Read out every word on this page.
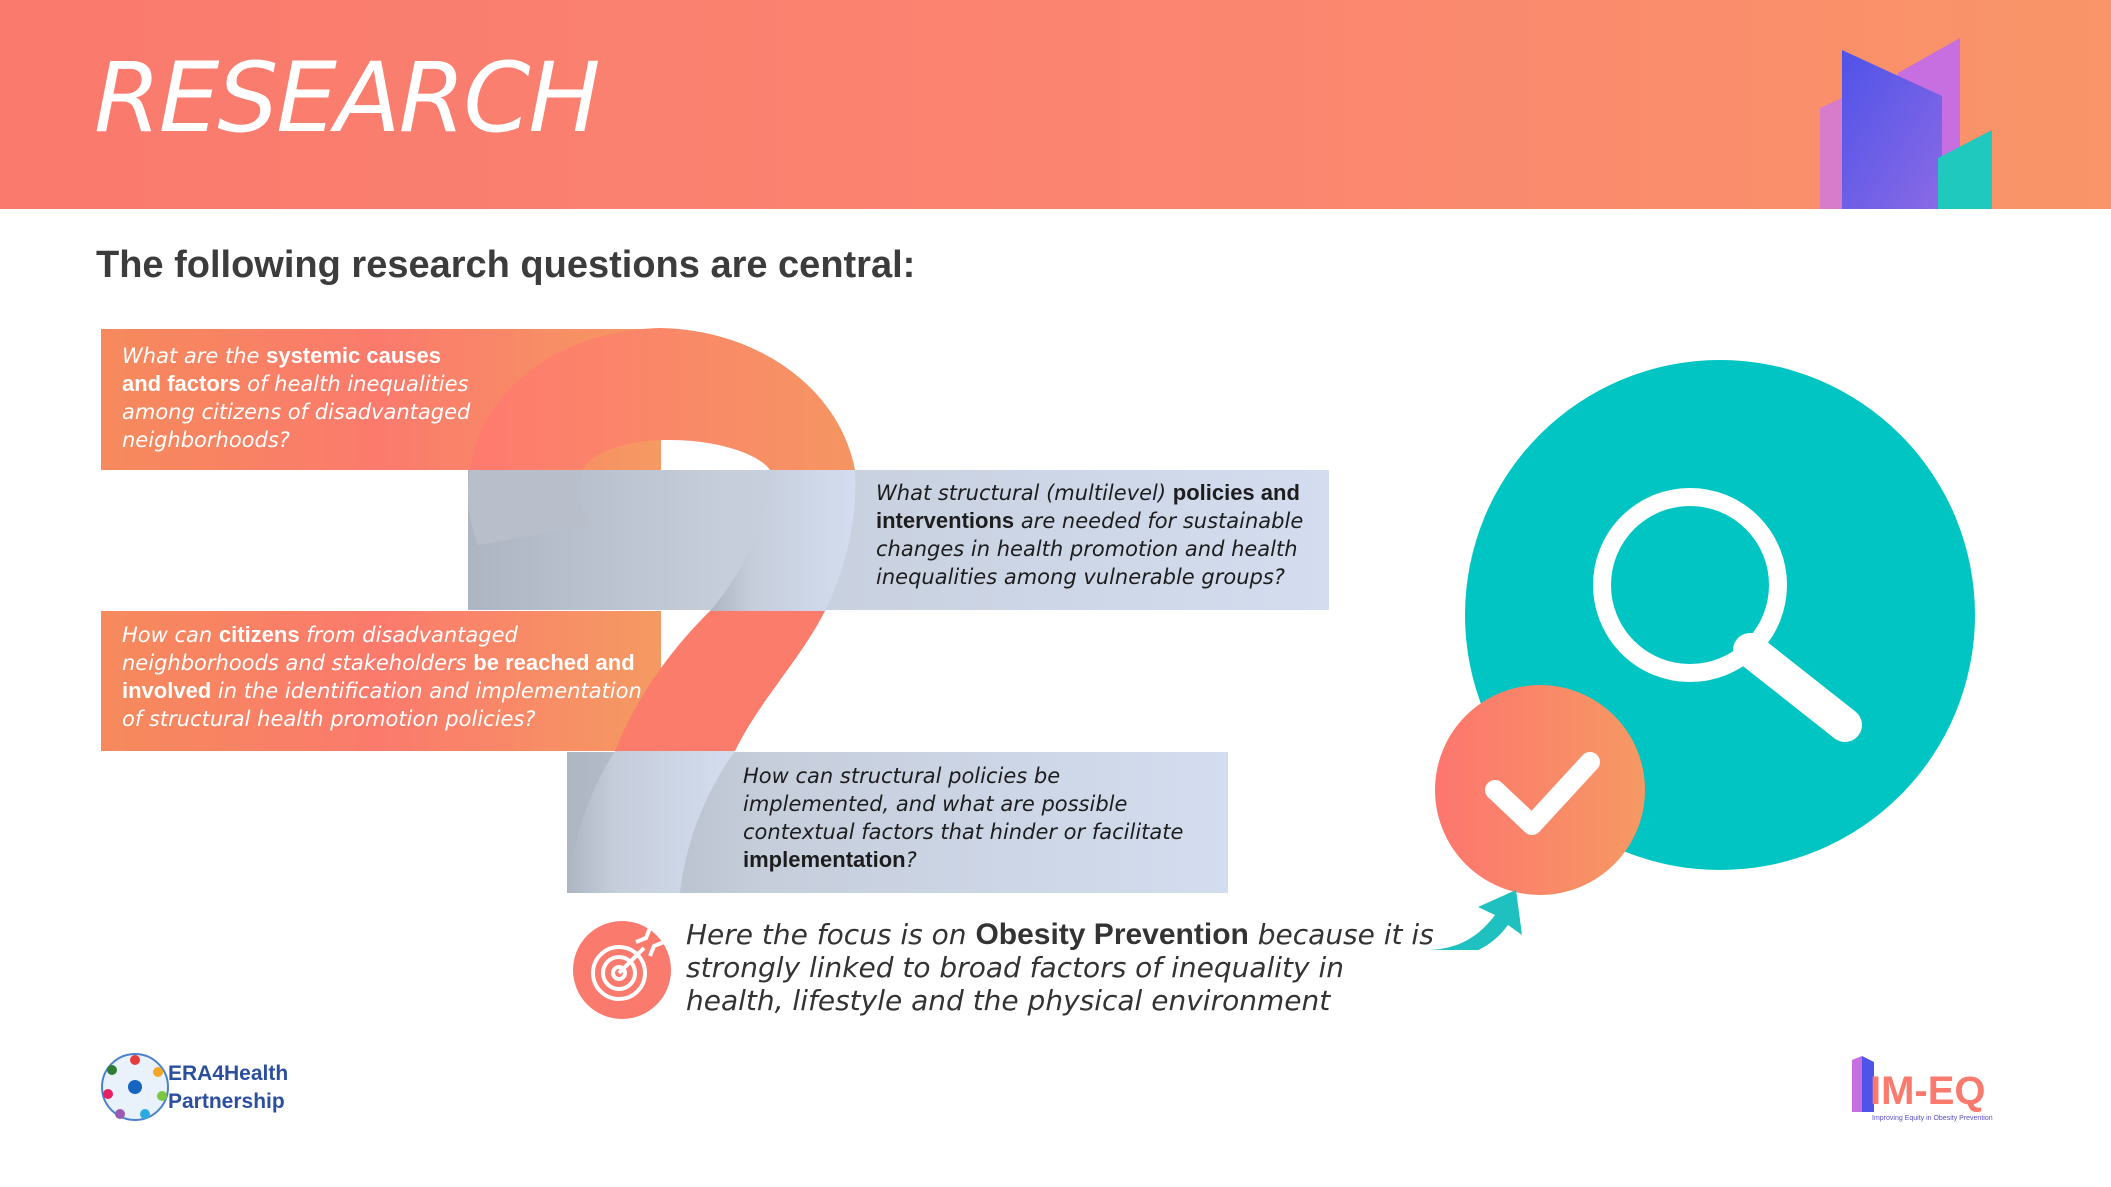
RESEARCH
The following research questions are central:

What are the systemic causes and factors of health inequalities among citizens of disadvantaged neighborhoods?

What structural (multilevel) policies and interventions are needed for sustainable changes in health promotion and health inequalities among vulnerable groups?

How can citizens from disadvantaged neighborhoods and stakeholders be reached and involved in the identification and implementation of structural health promotion policies?

How can structural policies be implemented, and what are possible contextual factors that hinder or facilitate implementation?

Here the focus is on Obesity Prevention because it is strongly linked to broad factors of inequality in health, lifestyle and the physical environment

ERA4Health
Partnership	IM-EQ
Improving Equity in Obesity Prevention
